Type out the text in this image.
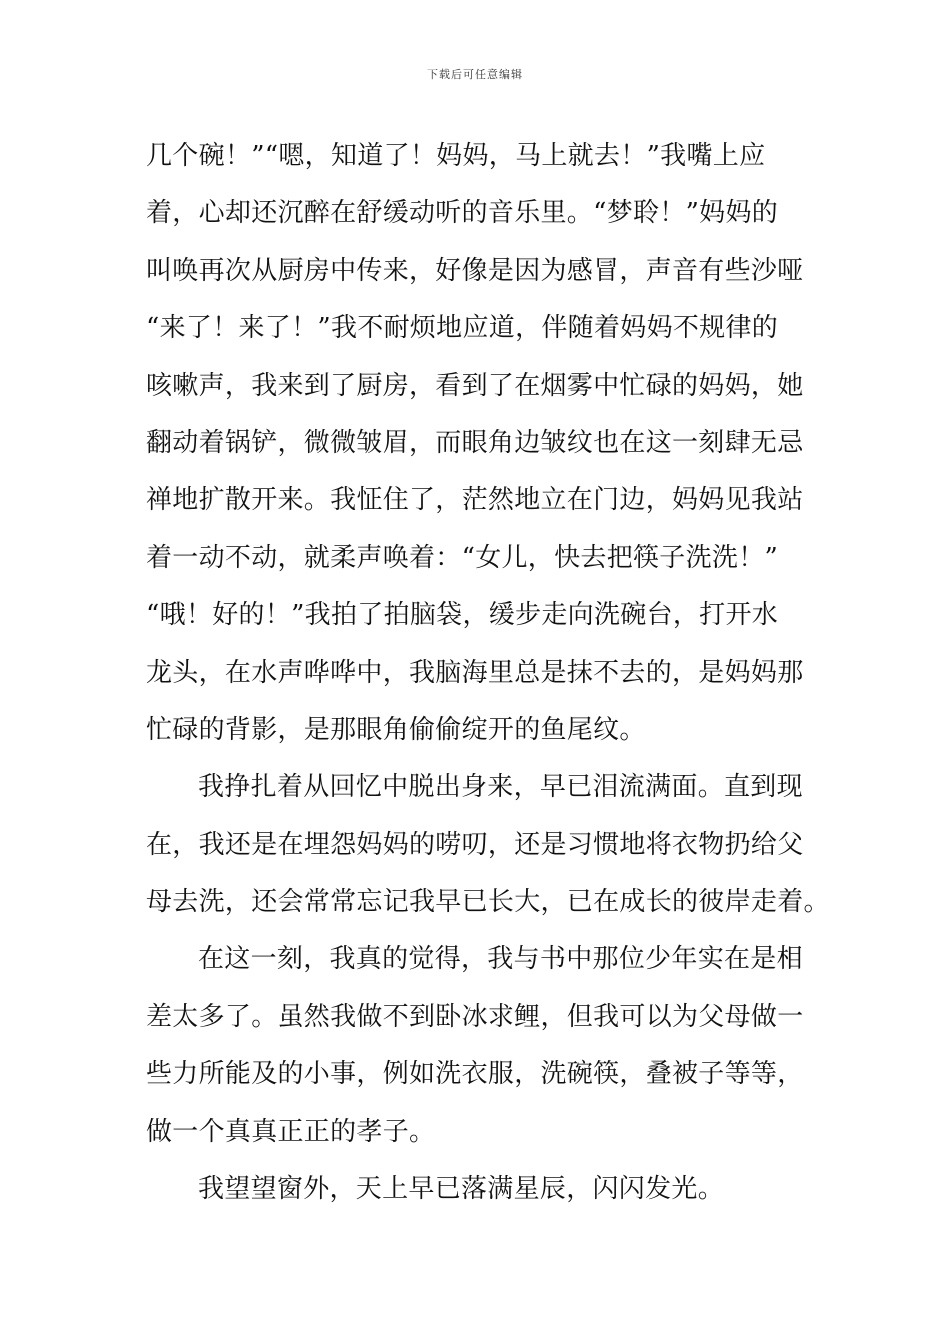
下载后可任意编辑
几个碗！”“嗯，知道了！妈妈，马上就去！”我嘴上应
着，心却还沉醉在舒缓动听的音乐里。“梦聆！”妈妈的
叫唤再次从厨房中传来，好像是因为感冒，声音有些沙哑
“来了！来了！”我不耐烦地应道，伴随着妈妈不规律的
咳嗽声，我来到了厨房，看到了在烟雾中忙碌的妈妈，她
翻动着锅铲，微微皱眉，而眼角边皱纹也在这一刻肆无忌
禅地扩散开来。我怔住了，茫然地立在门边，妈妈见我站
着一动不动，就柔声唤着：“女儿，快去把筷子洗洗！”
“哦！好的！”我拍了拍脑袋，缓步走向洗碗台，打开水
龙头，在水声哗哗中，我脑海里总是抹不去的，是妈妈那
忙碌的背影，是那眼角偷偷绽开的鱼尾纹。
我挣扎着从回忆中脱出身来，早已泪流满面。直到现
在，我还是在埋怨妈妈的唠叨，还是习惯地将衣物扔给父
母去洗，还会常常忘记我早已长大，已在成长的彼岸走着。
在这一刻，我真的觉得，我与书中那位少年实在是相
差太多了。虽然我做不到卧冰求鲤，但我可以为父母做一
些力所能及的小事，例如洗衣服，洗碗筷，叠被子等等，
做一个真真正正的孝子。
我望望窗外，天上早已落满星辰，闪闪发光。
